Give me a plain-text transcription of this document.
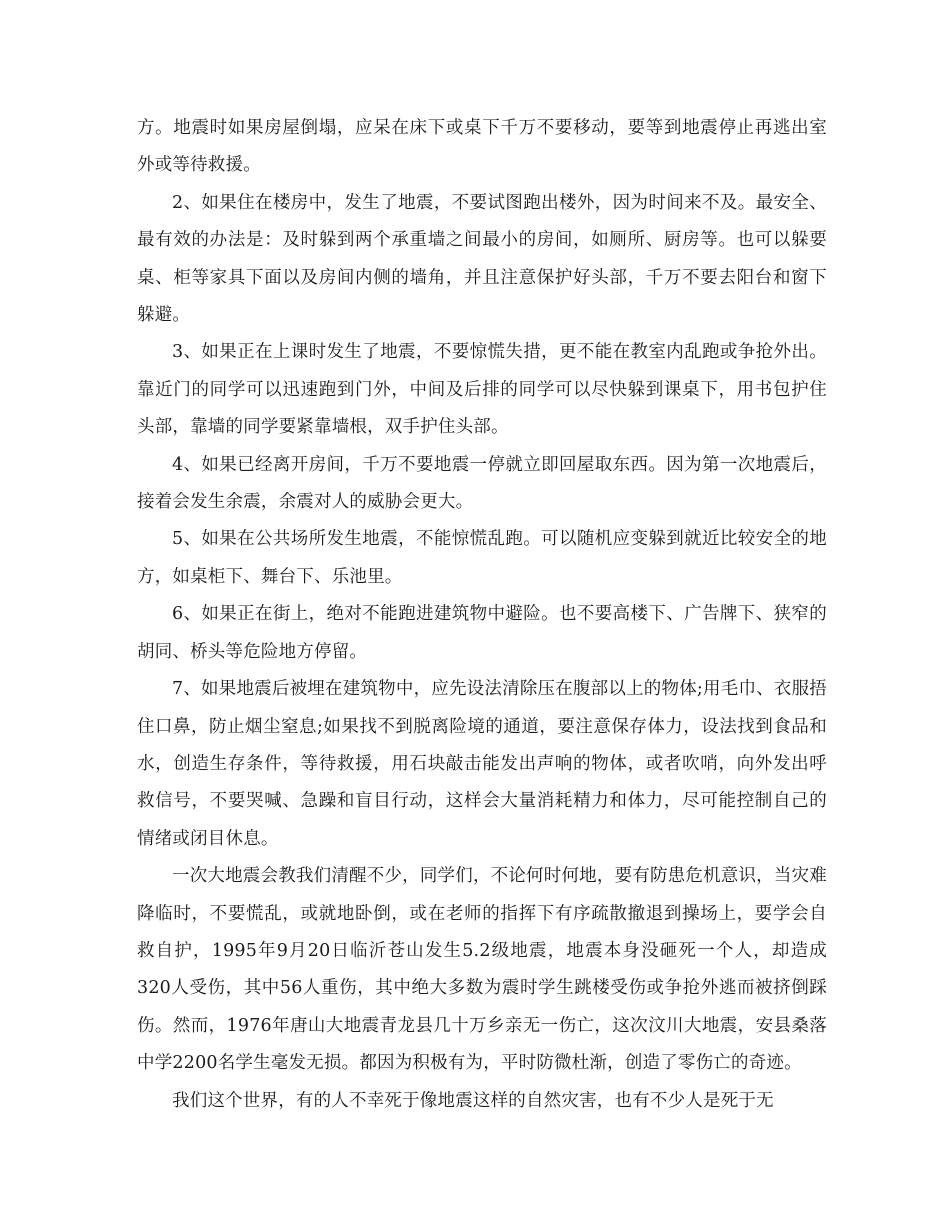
方。地震时如果房屋倒塌，应呆在床下或桌下千万不要移动，要等到地震停止再逃出室外或等待救援。

2、如果住在楼房中，发生了地震，不要试图跑出楼外，因为时间来不及。最安全、最有效的办法是：及时躲到两个承重墙之间最小的房间，如厕所、厨房等。也可以躲要桌、柜等家具下面以及房间内侧的墙角，并且注意保护好头部，千万不要去阳台和窗下躲避。

3、如果正在上课时发生了地震，不要惊慌失措，更不能在教室内乱跑或争抢外出。靠近门的同学可以迅速跑到门外，中间及后排的同学可以尽快躲到课桌下，用书包护住头部，靠墙的同学要紧靠墙根，双手护住头部。

4、如果已经离开房间，千万不要地震一停就立即回屋取东西。因为第一次地震后，接着会发生余震，余震对人的威胁会更大。

5、如果在公共场所发生地震，不能惊慌乱跑。可以随机应变躲到就近比较安全的地方，如桌柜下、舞台下、乐池里。

6、如果正在街上，绝对不能跑进建筑物中避险。也不要高楼下、广告牌下、狭窄的胡同、桥头等危险地方停留。

7、如果地震后被埋在建筑物中，应先设法清除压在腹部以上的物体;用毛巾、衣服捂住口鼻，防止烟尘窒息;如果找不到脱离险境的通道，要注意保存体力，设法找到食品和水，创造生存条件，等待救援，用石块敲击能发出声响的物体，或者吹哨，向外发出呼救信号，不要哭喊、急躁和盲目行动，这样会大量消耗精力和体力，尽可能控制自己的情绪或闭目休息。

一次大地震会教我们清醒不少，同学们，不论何时何地，要有防患危机意识，当灾难降临时，不要慌乱，或就地卧倒，或在老师的指挥下有序疏散撤退到操场上，要学会自救自护，1995年9月20日临沂苍山发生5.2级地震，地震本身没砸死一个人，却造成320人受伤，其中56人重伤，其中绝大多数为震时学生跳楼受伤或争抢外逃而被挤倒踩伤。然而，1976年唐山大地震青龙县几十万乡亲无一伤亡，这次汶川大地震，安县桑落中学2200名学生毫发无损。都因为积极有为，平时防微杜渐，创造了零伤亡的奇迹。

我们这个世界，有的人不幸死于像地震这样的自然灾害，也有不少人是死于无
